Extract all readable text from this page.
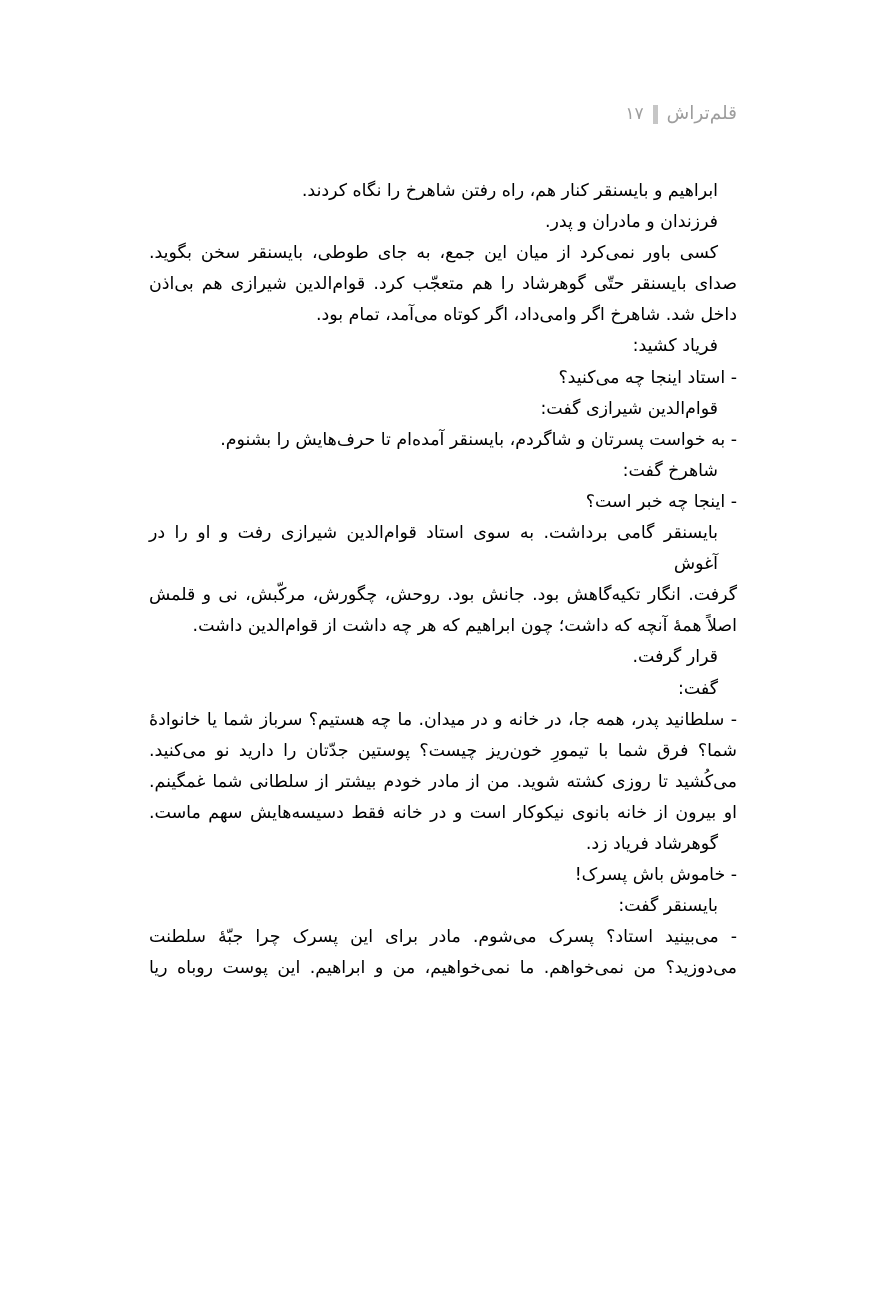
قلم‌تراش
۱۷
ابراهیم و بایسنقر کنار هم، راه رفتن شاهرخ را نگاه کردند.
فرزندان و مادران و پدر.
کسی باور نمی‌کرد از میان این جمع، به جای طوطی، بایسنقر سخن بگوید.
صدای بایسنقر حتّی گوهرشاد را هم متعجّب کرد. قوام‌الدین شیرازی هم بی‌اذن
داخل شد. شاهرخ اگر وامی‌داد، اگر کوتاه می‌آمد، تمام بود.
فریاد کشید:
- استاد اینجا چه می‌کنید؟
قوام‌الدین شیرازی گفت:
- به خواست پسرتان و شاگردم، بایسنقر آمده‌ام تا حرف‌هایش را بشنوم.
شاهرخ گفت:
- اینجا چه خبر است؟
بایسنقر گامی برداشت. به سوی استاد قوام‌الدین شیرازی رفت و او را در آغوش
گرفت. انگار تکیه‌گاهش بود. جانش بود. روحش، چگورش، مرکّبش، نی و قلمش
اصلاً همۀ آنچه که داشت؛ چون ابراهیم که هر چه داشت از قوام‌الدین داشت.
قرار گرفت.
گفت:
- سلطانید پدر، همه جا، در خانه و در میدان. ما چه هستیم؟ سرباز شما یا خانوادۀ
شما؟ فرق شما با تیمورِ خون‌ریز چیست؟ پوستین جدّتان را دارید نو می‌کنید.
می‌کُشید تا روزی کشته شوید. من از مادر خودم بیشتر از سلطانی شما غمگینم.
او بیرون از خانه بانوی نیکوکار است و در خانه فقط دسیسه‌هایش سهم ماست.
گوهرشاد فریاد زد.
- خاموش باش پسرک!
بایسنقر گفت:
- می‌بینید استاد؟ پسرک می‌شوم. مادر برای این پسرک چرا جبّۀ سلطنت
می‌دوزید؟ من نمی‌خواهم. ما نمی‌خواهیم، من و ابراهیم. این پوست روباه ریا
